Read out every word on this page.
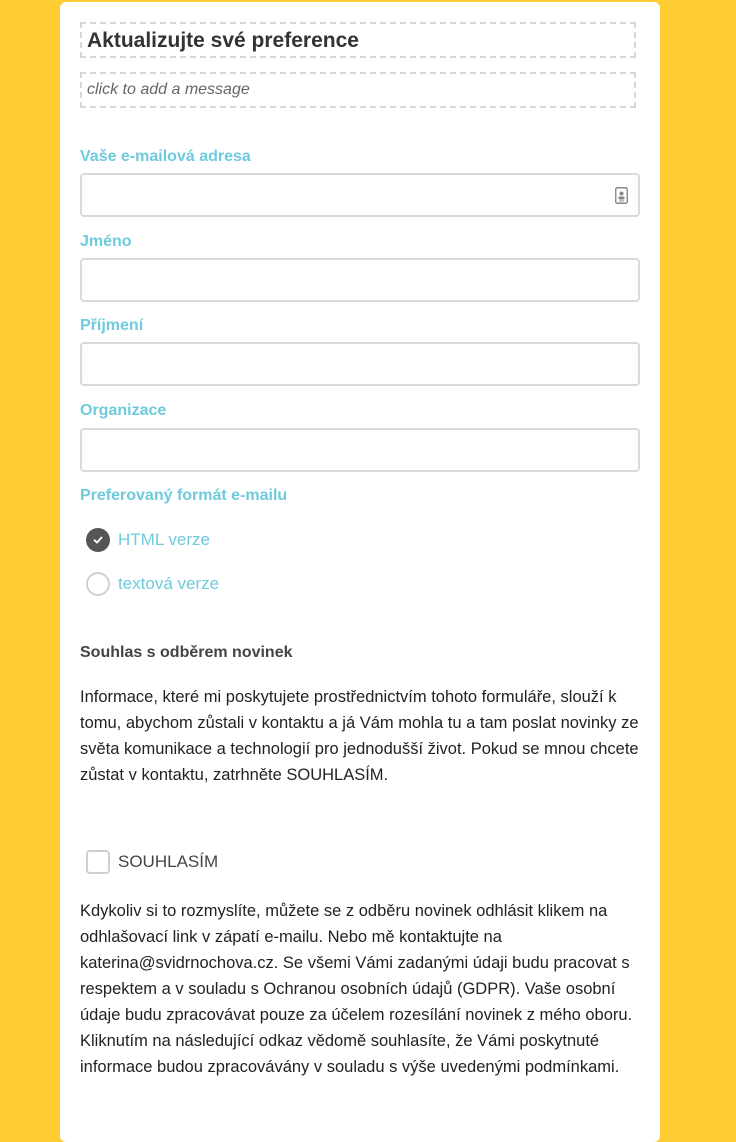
Aktualizujte své preference
click to add a message
Vaše e-mailová adresa
Jméno
Příjmení
Organizace
Preferovaný formát e-mailu
HTML verze
textová verze
Souhlas s odběrem novinek
Informace, které mi poskytujete prostřednictvím tohoto formuláře, slouží k tomu, abychom zůstali v kontaktu a já Vám mohla tu a tam poslat novinky ze světa komunikace a technologií pro jednodušší život. Pokud se mnou chcete zůstat v kontaktu, zatrhněte SOUHLASÍM.
SOUHLASÍM
Kdykoliv si to rozmyslíte, můžete se z odběru novinek odhlásit klikem na odhlašovací link v zápatí e-mailu. Nebo mě kontaktujte na katerina@svidrnochova.cz. Se všemi Vámi zadanými údaji budu pracovat s respektem a v souladu s Ochranou osobních údajů (GDPR). Vaše osobní údaje budu zpracovávat pouze za účelem rozesílání novinek z mého oboru. Kliknutím na následující odkaz vědomě souhlasíte, že Vámi poskytnuté informace budou zpracovávány v souladu s výše uvedenými podmínkami.
